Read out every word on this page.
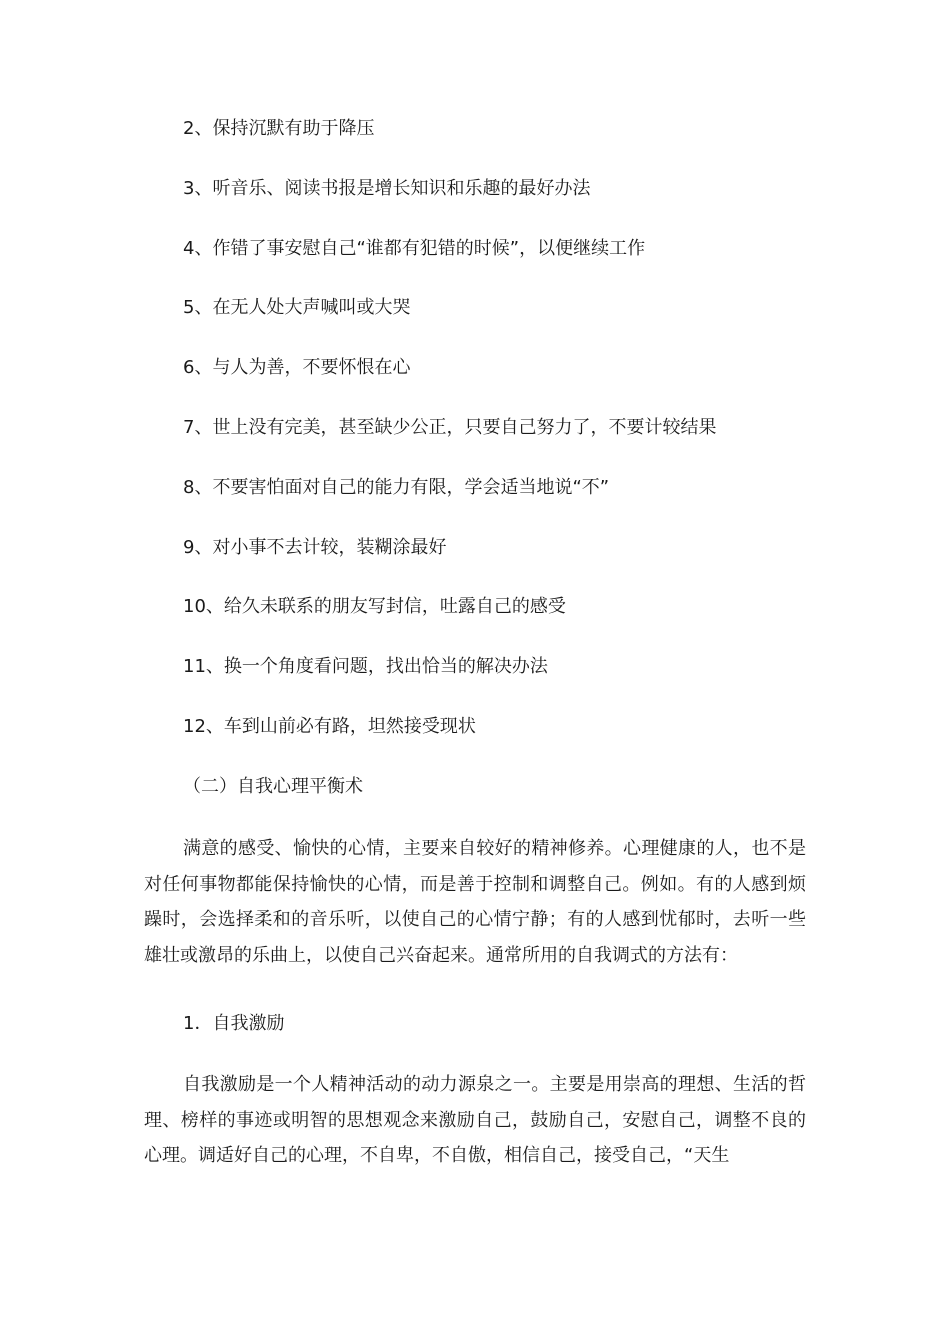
2、保持沉默有助于降压
3、听音乐、阅读书报是增长知识和乐趣的最好办法
4、作错了事安慰自己“谁都有犯错的时候”，以便继续工作
5、在无人处大声喊叫或大哭
6、与人为善，不要怀恨在心
7、世上没有完美，甚至缺少公正，只要自己努力了，不要计较结果
8、不要害怕面对自己的能力有限，学会适当地说“不”
9、对小事不去计较，装糊涂最好
10、给久未联系的朋友写封信，吐露自己的感受
11、换一个角度看问题，找出恰当的解决办法
12、车到山前必有路，坦然接受现状
（二）自我心理平衡术

满意的感受、愉快的心情，主要来自较好的精神修养。心理健康的人，也不是对任何事物都能保持愉快的心情，而是善于控制和调整自己。例如。有的人感到烦躁时，会选择柔和的音乐听，以使自己的心情宁静；有的人感到忧郁时，去听一些雄壮或激昂的乐曲上，以使自己兴奋起来。通常所用的自我调式的方法有：

1．自我激励

自我激励是一个人精神活动的动力源泉之一。主要是用崇高的理想、生活的哲理、榜样的事迹或明智的思想观念来激励自己，鼓励自己，安慰自己，调整不良的心理。调适好自己的心理，不自卑，不自傲，相信自己，接受自己，“天生
